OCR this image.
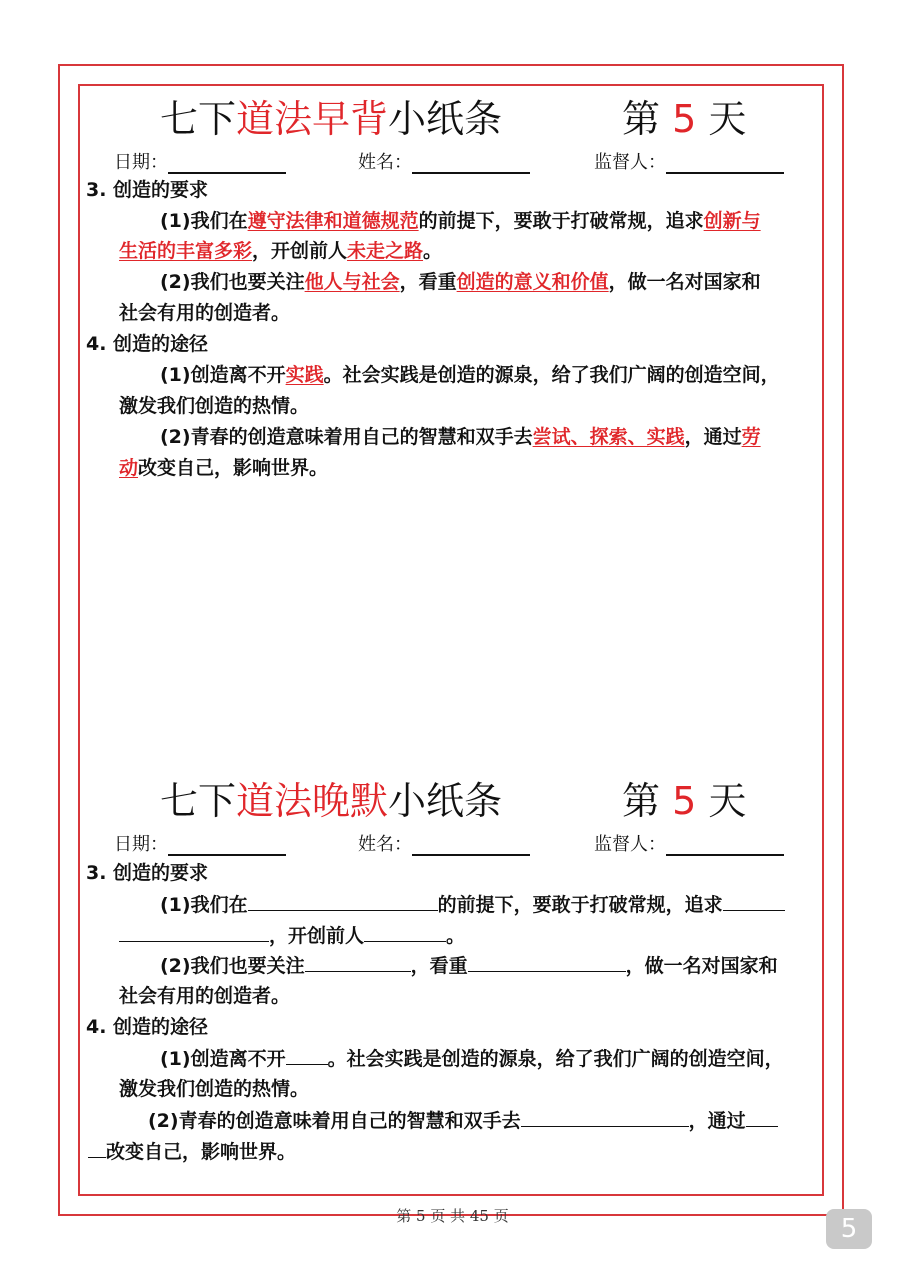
七下道法早背小纸条	第 5 天
日期：	姓名：	监督人：
3. 创造的要求
(1)我们在遵守法律和道德规范的前提下，要敢于打破常规，追求创新与
生活的丰富多彩，开创前人未走之路。
(2)我们也要关注他人与社会，看重创造的意义和价值，做一名对国家和
社会有用的创造者。
4. 创造的途径
(1)创造离不开实践。社会实践是创造的源泉，给了我们广阔的创造空间，
激发我们创造的热情。
(2)青春的创造意味着用自己的智慧和双手去尝试、探索、实践，通过劳
动改变自己，影响世界。
七下道法晚默小纸条	第 5 天
日期：	姓名：	监督人：
3. 创造的要求
(1)我们在	的前提下，要敢于打破常规，追求
，开创前人	。
(2)我们也要关注	，看重	，做一名对国家和
社会有用的创造者。
4. 创造的途径
(1)创造离不开 。社会实践是创造的源泉，给了我们广阔的创造空间，
激发我们创造的热情。
(2)青春的创造意味着用自己的智慧和双手去	，通过
改变自己，影响世界。
第 5 页 共 45 页	5
